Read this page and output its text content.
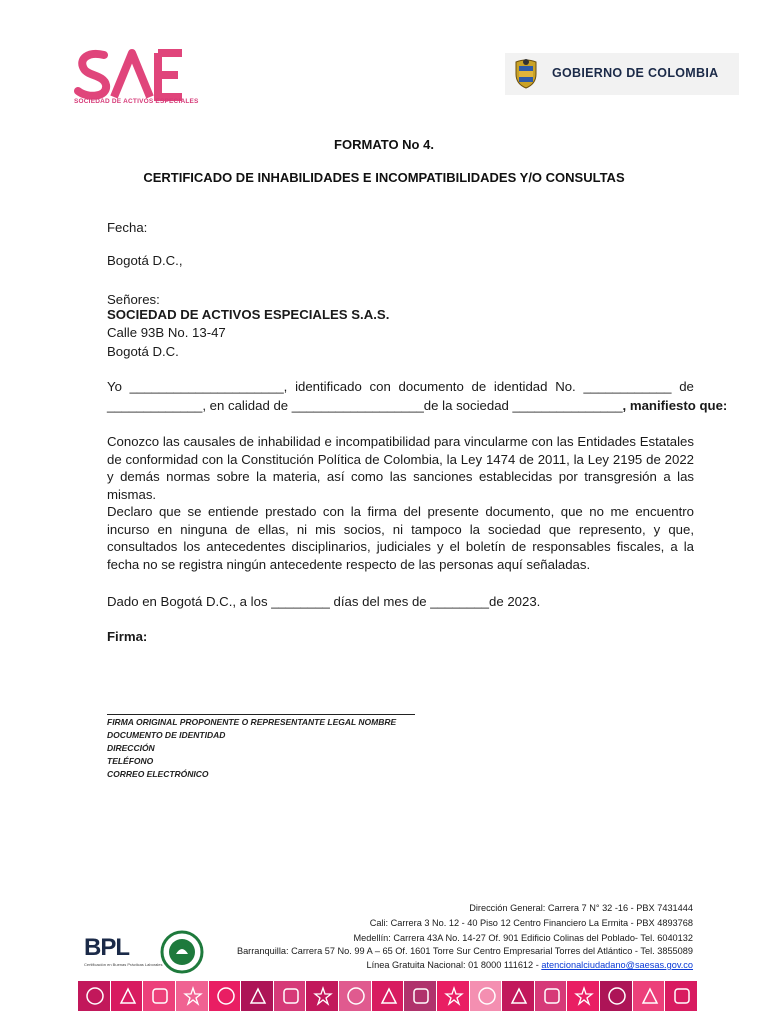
SOCIEDAD DE ACTIVOS ESPECIALES
GOBIERNO DE COLOMBIA
FORMATO No 4.
CERTIFICADO DE INHABILIDADES E INCOMPATIBILIDADES Y/O CONSULTAS
Fecha:
Bogotá D.C.,
Señores:
SOCIEDAD DE ACTIVOS ESPECIALES S.A.S.
Calle 93B No. 13-47
Bogotá D.C.
Yo _____________________, identificado con documento de identidad No. ____________ de
_____________, en calidad de __________________de la sociedad _______________, manifiesto que:
Conozco las causales de inhabilidad e incompatibilidad para vincularme con las Entidades Estatales de conformidad con la Constitución Política de Colombia, la Ley 1474 de 2011, la Ley 2195 de 2022 y demás normas sobre la materia, así como las sanciones establecidas por transgresión a las mismas.
Declaro que se entiende prestado con la firma del presente documento, que no me encuentro incurso en ninguna de ellas, ni mis socios, ni tampoco la sociedad que represento, y que, consultados los antecedentes disciplinarios, judiciales y el boletín de responsables fiscales, a la fecha no se registra ningún antecedente respecto de las personas aquí señaladas.
Dado en Bogotá D.C., a los ________ días del mes de ________de 2023.
Firma:
FIRMA ORIGINAL PROPONENTE O REPRESENTANTE LEGAL NOMBRE
DOCUMENTO DE IDENTIDAD
DIRECCIÓN
TELÉFONO
CORREO ELECTRÓNICO
Dirección General: Carrera 7 N° 32 -16 - PBX 7431444
Cali: Carrera 3 No. 12 - 40 Piso 12 Centro Financiero La Ermita - PBX 4893768
Medellín: Carrera 43A No. 14-27 Of. 901 Edificio Colinas del Poblado- Tel. 6040132
Barranquilla: Carrera 57 No. 99 A – 65 Of. 1601 Torre Sur Centro Empresarial Torres del Atlántico - Tel. 3855089
Línea Gratuita Nacional: 01 8000 111612 - atencionalciudadano@saesas.gov.co
BPL
Certificación en Buenas Prácticas Laborales
